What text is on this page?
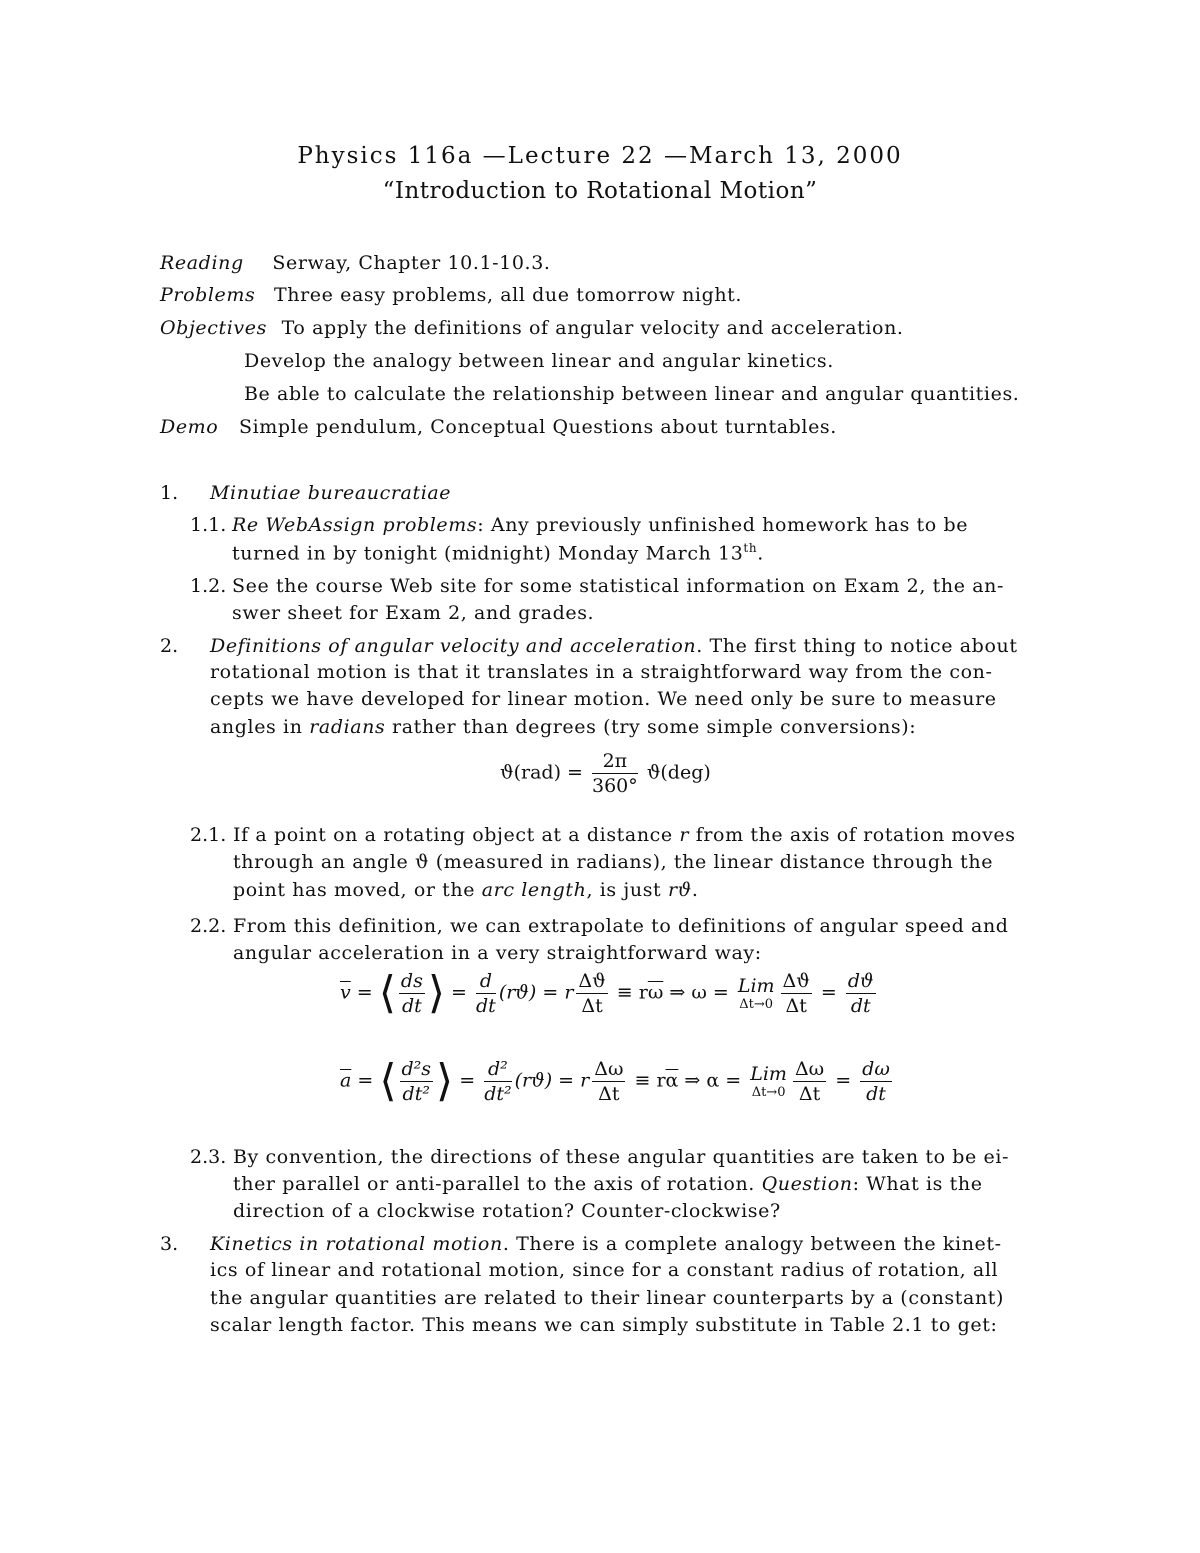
Physics 116a —Lecture 22 —March 13, 2000
“Introduction to Rotational Motion”
Reading Serway, Chapter 10.1-10.3.
Problems Three easy problems, all due tomorrow night.
Objectives To apply the definitions of angular velocity and acceleration.
Develop the analogy between linear and angular kinetics.
Be able to calculate the relationship between linear and angular quantities.
Demo Simple pendulum, Conceptual Questions about turntables.
1. Minutiae bureaucratiae
1.1. Re WebAssign problems: Any previously unfinished homework has to be
turned in by tonight (midnight) Monday March 13th.
1.2. See the course Web site for some statistical information on Exam 2, the an-
swer sheet for Exam 2, and grades.
2. Definitions of angular velocity and acceleration. The first thing to notice about
rotational motion is that it translates in a straightforward way from the con-
cepts we have developed for linear motion. We need only be sure to measure
angles in radians rather than degrees (try some simple conversions):
$ϑ(rad) = \frac{2\pi}{360^\circ} ϑ(deg)$
2.1. If a point on a rotating object at a distance r from the axis of rotation moves
through an angle ϑ (measured in radians), the linear distance through the
point has moved, or the arc length, is just rϑ.
2.2. From this definition, we can extrapolate to definitions of angular speed and
angular acceleration in a very straightforward way:
$\overline{v}$ = ⟨ $\frac{ds}{dt}$ ⟩ = $\frac{d}{dt} (rϑ) = r \frac{\Delta ϑ}{\Delta t} \equiv r\overline{\omega}$ ⇒ ω = Lim
$\Delta t\to 0 \frac{\Delta ϑ}{\Delta t} = \frac{dϑ}{dt}$
$\overline{a}$ = ⟨ $\frac{\text{d²s}}{\text{dt²}}$ ⟩ = $\frac{\text{d²}}{\text{dt²}} (rϑ) = r \frac{\Delta\omega}{\Delta t} \equiv r\overline{\alpha}$ ⇒ α = Lim
$\Delta t\to 0 \frac{\Delta\omega}{\Delta t} = \frac{d\omega}{dt}$
2.3. By convention, the directions of these angular quantities are taken to be ei-
ther parallel or anti-parallel to the axis of rotation. Question: What is the
direction of a clockwise rotation? Counter-clockwise?
3. Kinetics in rotational motion. There is a complete analogy between the kinet-
ics of linear and rotational motion, since for a constant radius of rotation, all
the angular quantities are related to their linear counterparts by a (constant)
scalar length factor. This means we can simply substitute in Table 2.1 to get:
